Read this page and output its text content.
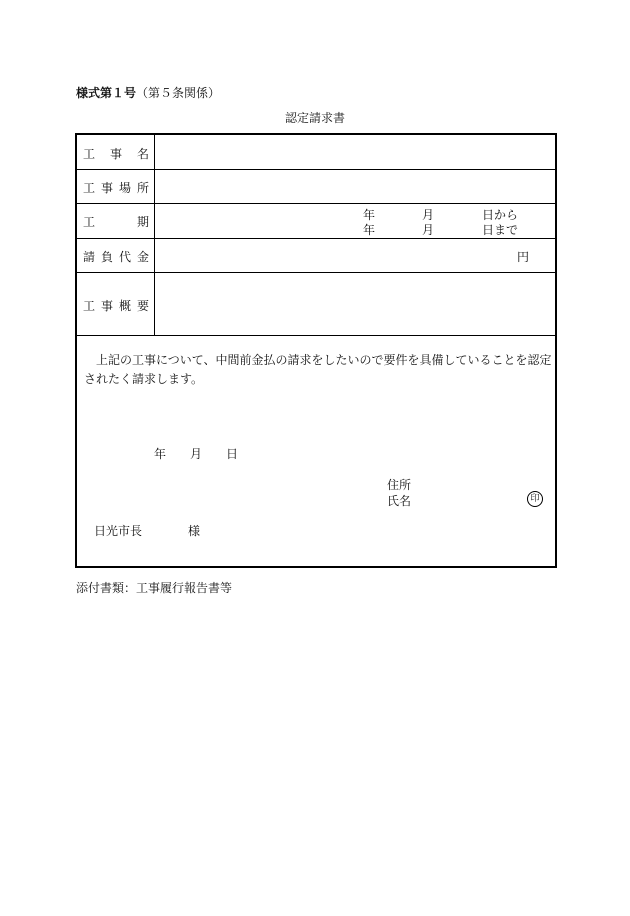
様式第１号（第５条関係）
認定請求書
工 事 名
工 事 場 所
工	期	年	月	日から
年	月	日まで
請 負 代 金	円
工 事 概 要
上記の工事について、中間前金払の請求をしたいので要件を具備していることを認定
されたく請求します。
年 月 日
住所
氏名	印
日光市長	様
添付書類：工事履行報告書等
